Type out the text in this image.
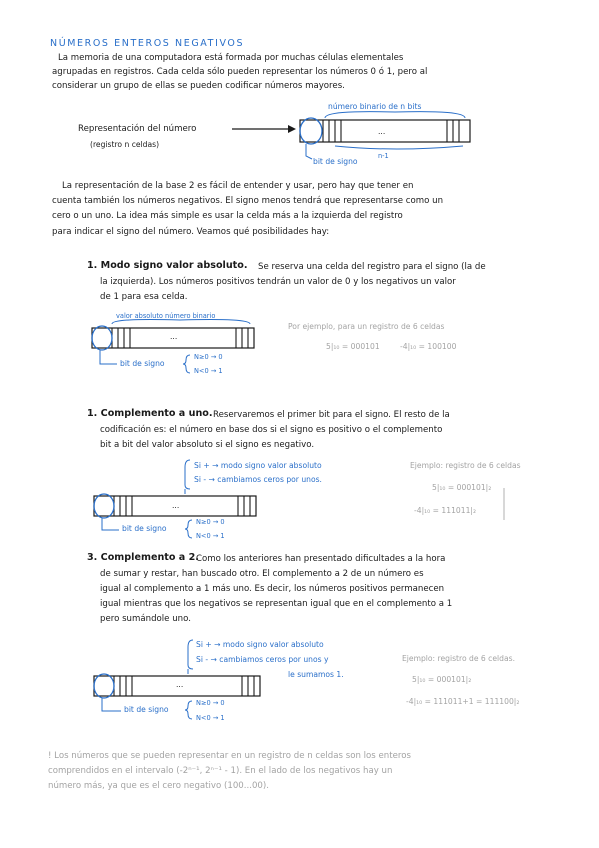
NÚMEROS ENTEROS NEGATIVOS
La memoria de una computadora está formada por muchas células elementales
agrupadas en registros. Cada celda sólo pueden representar los números 0 ó 1, pero al
considerar un grupo de ellas se pueden codificar números mayores.
Representación del número
(registro n celdas)
número binario de n bits
...
bit de signo
n-1
La representación de la base 2 es fácil de entender y usar, pero hay que tener en
cuenta también los números negativos. El signo menos tendrá que representarse como un
cero o un uno. La idea más simple es usar la celda más a la izquierda del registro
para indicar el signo del número. Veamos qué posibilidades hay:
1. Modo signo valor absoluto. Se reserva una celda del registro para el signo (la de
la izquierda). Los números positivos tendrán un valor de 0 y los negativos un valor
de 1 para esa celda.
valor absoluto número binario
...
bit de signo
N≥0 → 0
N<0 → 1
Por ejemplo, para un registro de 6 celdas
5|₁₀ = 000101	-4|₁₀ = 100100
1. Complemento a uno. Reservaremos el primer bit para el signo. El resto de la
codificación es: el número en base dos si el signo es positivo o el complemento
bit a bit del valor absoluto si el signo es negativo.
Si + → modo signo valor absoluto
Si - → cambiamos ceros por unos.
...
bit de signo
N≥0 → 0
N<0 → 1
Ejemplo: registro de 6 celdas
5|₁₀ = 000101|₂
-4|₁₀ = 111011|₂
3. Complemento a 2.
Como los anteriores han presentado dificultades a la hora
de sumar y restar, han buscado otro. El complemento a 2 de un número es
igual al complemento a 1 más uno. Es decir, los números positivos permanecen
igual mientras que los negativos se representan igual que en el complemento a 1
pero sumándole uno.
Si + → modo signo valor absoluto
Si - → cambiamos ceros por unos y
le sumamos 1.
...
bit de signo
N≥0 → 0
N<0 → 1
Ejemplo: registro de 6 celdas.
5|₁₀ = 000101|₂
-4|₁₀ = 111011+1 = 111100|₂
! Los números que se pueden representar en un registro de n celdas son los enteros
comprendidos en el intervalo (-2ⁿ⁻¹, 2ⁿ⁻¹ - 1). En el lado de los negativos hay un
número más, ya que es el cero negativo (100...00).
